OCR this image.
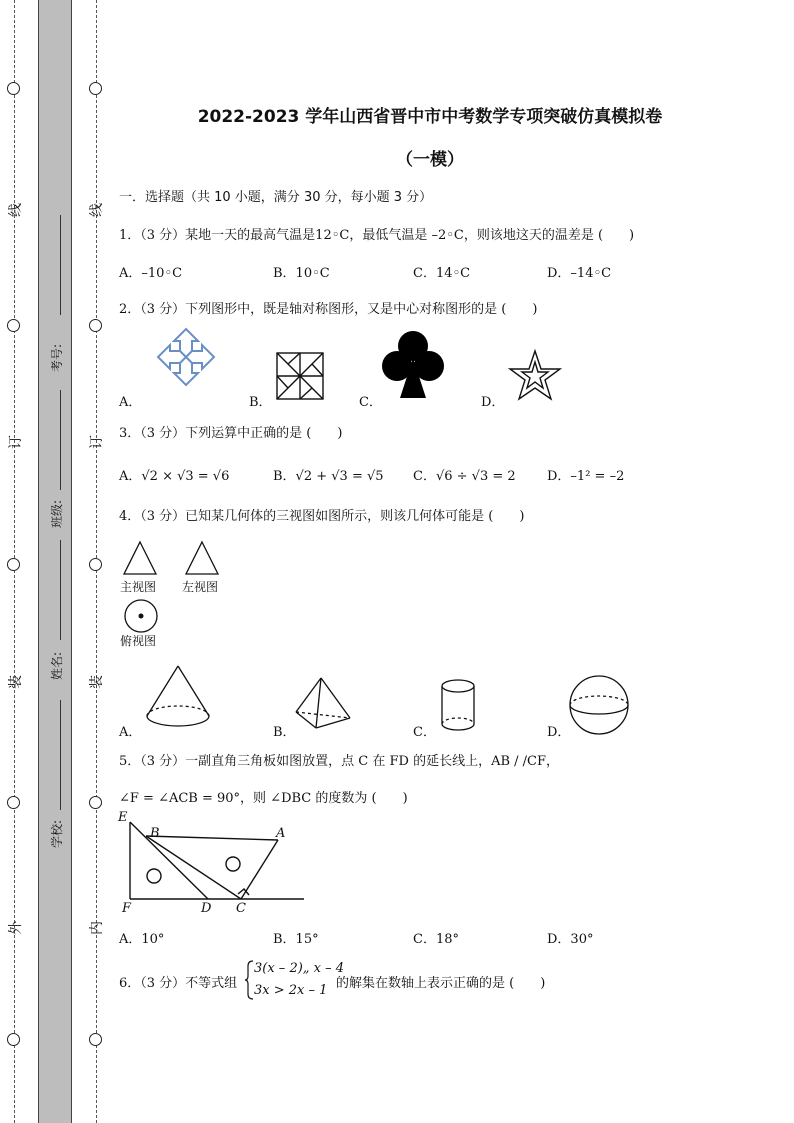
线
订
装
外
线
订
装
内
考号:
班级:
姓名:
学校:
2022-2023 学年山西省晋中市中考数学专项突破仿真模拟卷
（一模）
一．选择题（共 10 小题，满分 30 分，每小题 3 分）
1．（3 分）某地一天的最高气温是12◦C，最低气温是 –2◦C，则该地这天的温差是 (　　)
A．–10◦C	B．10◦C	C．14◦C	D．–14◦C
2．（3 分）下列图形中，既是轴对称图形，又是中心对称图形的是 (　　)
A．	B．	C．	D．
3．（3 分）下列运算中正确的是 (　　)
A．√2 × √3 = √6	B．√2 + √3 = √5 C．√6 ÷ √3 = 2 D．–1² = –2
4．（3 分）已知某几何体的三视图如图所示，则该几何体可能是 (　　)
主视图 左视图
俯视图
A．	B．	C．	D．
5．（3 分）一副直角三角板如图放置，点 C 在 FD 的延长线上，AB / /CF，
∠F = ∠ACB = 90°，则 ∠DBC 的度数为 (　　)
E
B	A
F	D C
A．10°	B．15°	C．18°	D．30°
6．（3 分）不等式组
3(x – 2)„ x – 4
3x > 2x – 1 的解集在数轴上表示正确的是 (　　)
